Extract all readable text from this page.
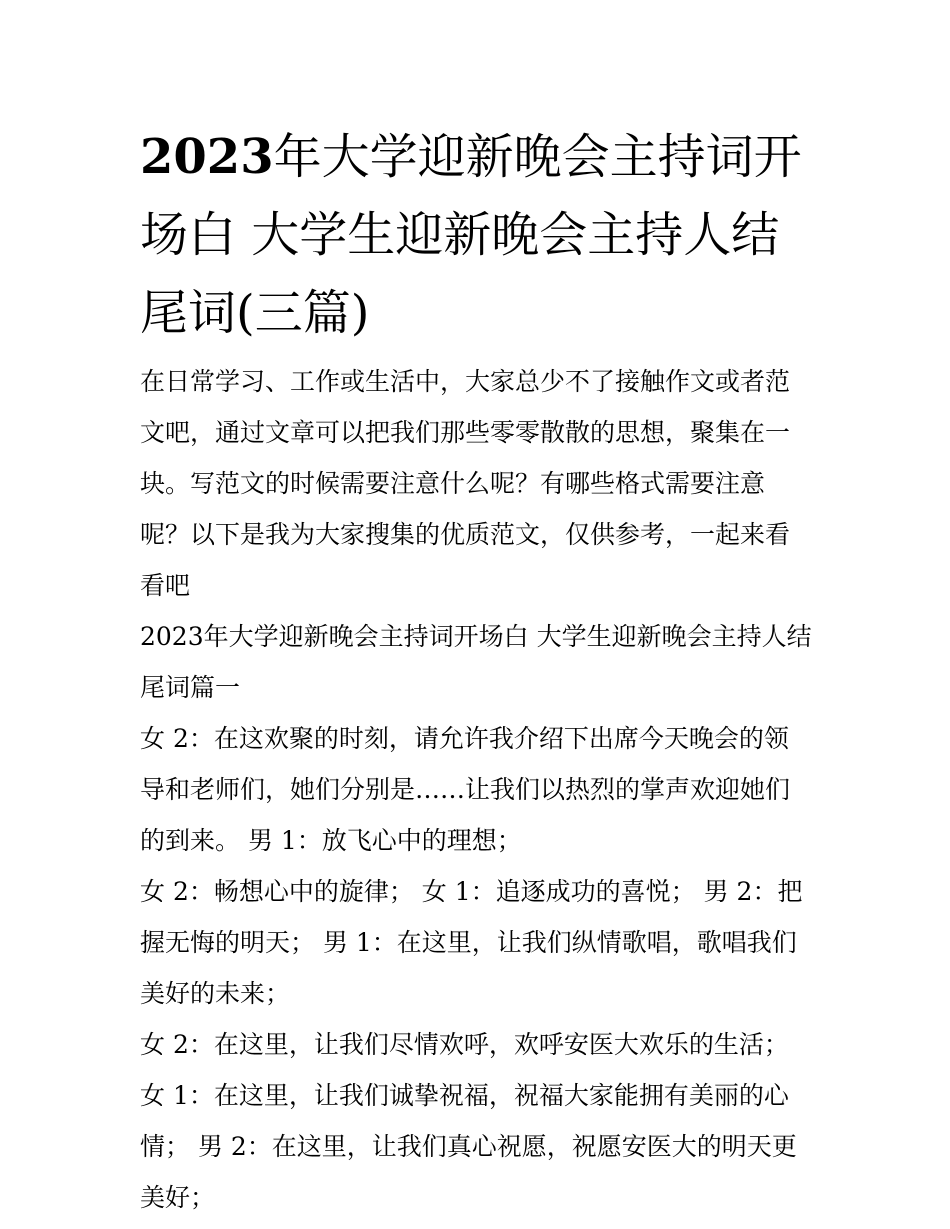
2023年大学迎新晚会主持词开场白 大学生迎新晚会主持人结尾词(三篇)

在日常学习、工作或生活中，大家总少不了接触作文或者范文吧，通过文章可以把我们那些零零散散的思想，聚集在一块。写范文的时候需要注意什么呢？有哪些格式需要注意呢？以下是我为大家搜集的优质范文，仅供参考，一起来看看吧

2023年大学迎新晚会主持词开场白 大学生迎新晚会主持人结尾词篇一

女 2：在这欢聚的时刻，请允许我介绍下出席今天晚会的领导和老师们，她们分别是……让我们以热烈的掌声欢迎她们的到来。 男 1：放飞心中的理想；

女 2：畅想心中的旋律； 女 1：追逐成功的喜悦； 男 2：把握无悔的明天； 男 1：在这里，让我们纵情歌唱，歌唱我们美好的未来；

女 2：在这里，让我们尽情欢呼，欢呼安医大欢乐的生活； 女 1：在这里，让我们诚挚祝福，祝福大家能拥有美丽的心情； 男 2：在这里，让我们真心祝愿，祝愿安医大的明天更美好；
